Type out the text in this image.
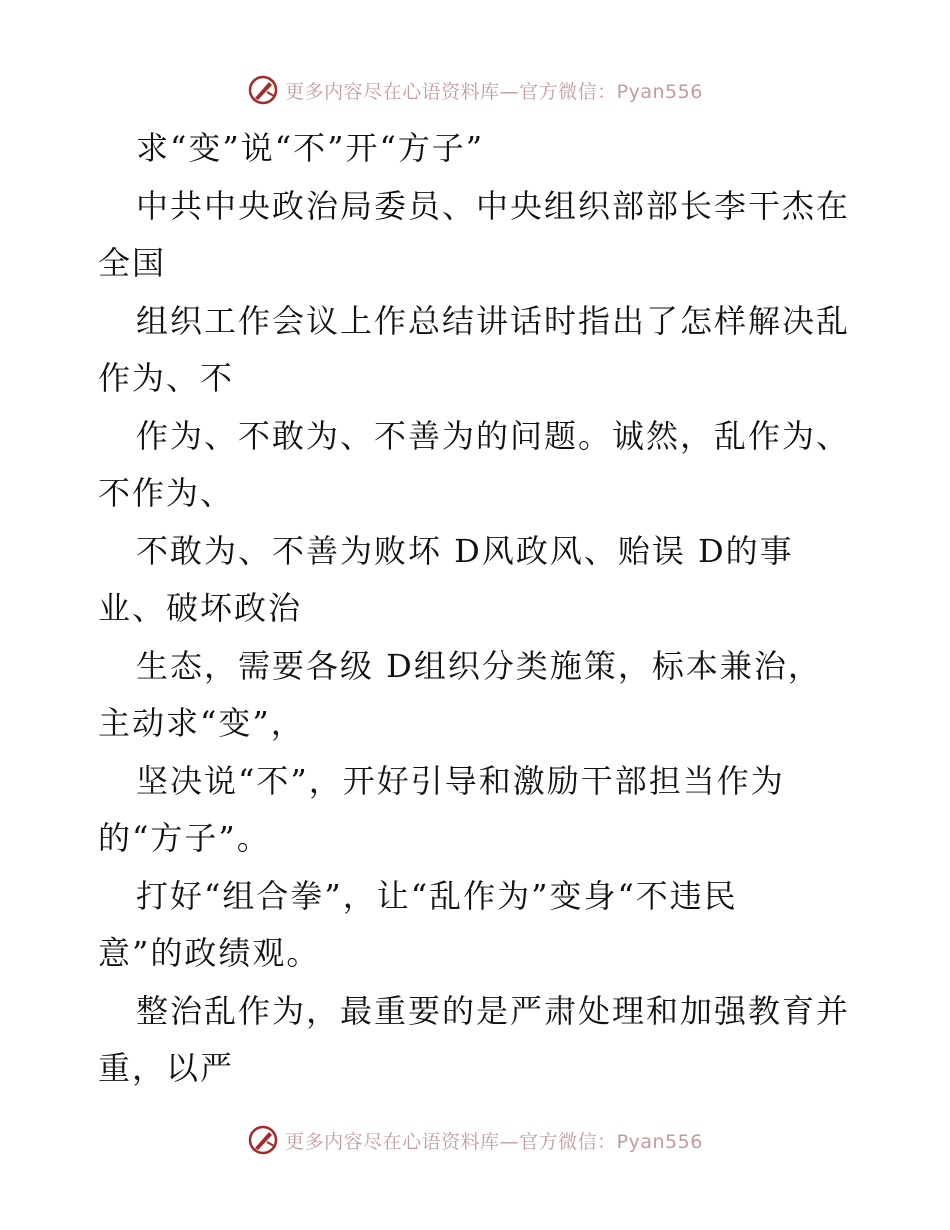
更多内容尽在心语资料库—官方微信：Pyan556
求“变”说“不”开“方子”
中共中央政治局委员、中央组织部部长李干杰在
全国
组织工作会议上作总结讲话时指出了怎样解决乱
作为、不
作为、不敢为、不善为的问题。诚然，乱作为、
不作为、
不敢为、不善为败坏 D风政风、贻误 D的事
业、破坏政治
生态，需要各级 D组织分类施策，标本兼治，
主动求“变”，
坚决说“不”，开好引导和激励干部担当作为
的“方子”。
打好“组合拳”，让“乱作为”变身“不违民
意”的政绩观。
整治乱作为，最重要的是严肃处理和加强教育并
重，以严
更多内容尽在心语资料库—官方微信：Pyan556
